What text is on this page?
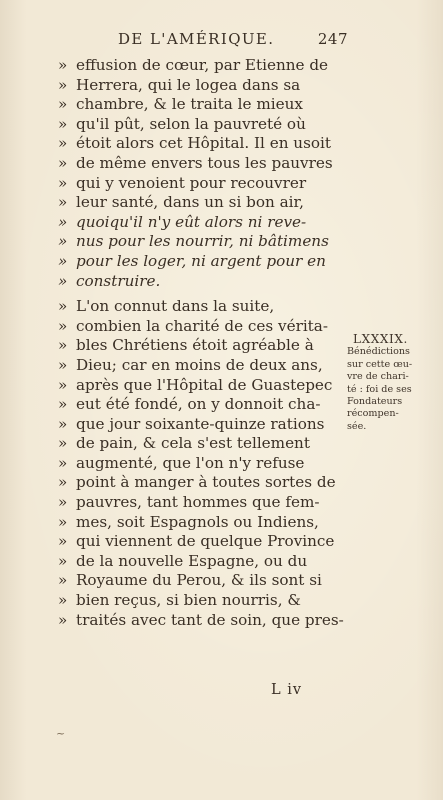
DE L'AMÉRIQUE.	247
» effusion de cœur, par Etienne de
» Herrera, qui le logea dans sa
» chambre, & le traita le mieux
» qu'il pût, selon la pauvreté où
» étoit alors cet Hôpital. Il en usoit
» de même envers tous les pauvres
» qui y venoient pour recouvrer
» leur santé, dans un si bon air,
» quoiqu'il n'y eût alors ni reve-
» nus pour les nourrir, ni bâtimens
» pour les loger, ni argent pour en
» construire.
» L'on connut dans la suite,
» combien la charité de ces vérita-
» bles Chrétiens étoit agréable à
» Dieu; car en moins de deux ans,
» après que l'Hôpital de Guastepec
» eut été fondé, on y donnoit cha-
» que jour soixante-quinze rations
» de pain, & cela s'est tellement
» augmenté, que l'on n'y refuse
» point à manger à toutes sortes de
» pauvres, tant hommes que fem-
» mes, soit Espagnols ou Indiens,
» qui viennent de quelque Province
» de la nouvelle Espagne, ou du
» Royaume du Perou, & ils sont si
» bien reçus, si bien nourris, &
» traités avec tant de soin, que pres-
LXXXIX.
Bénédictions
sur cette œu-
vre de chari-
té : foi de ses
Fondateurs
récompen-
sée.
L iv
~
